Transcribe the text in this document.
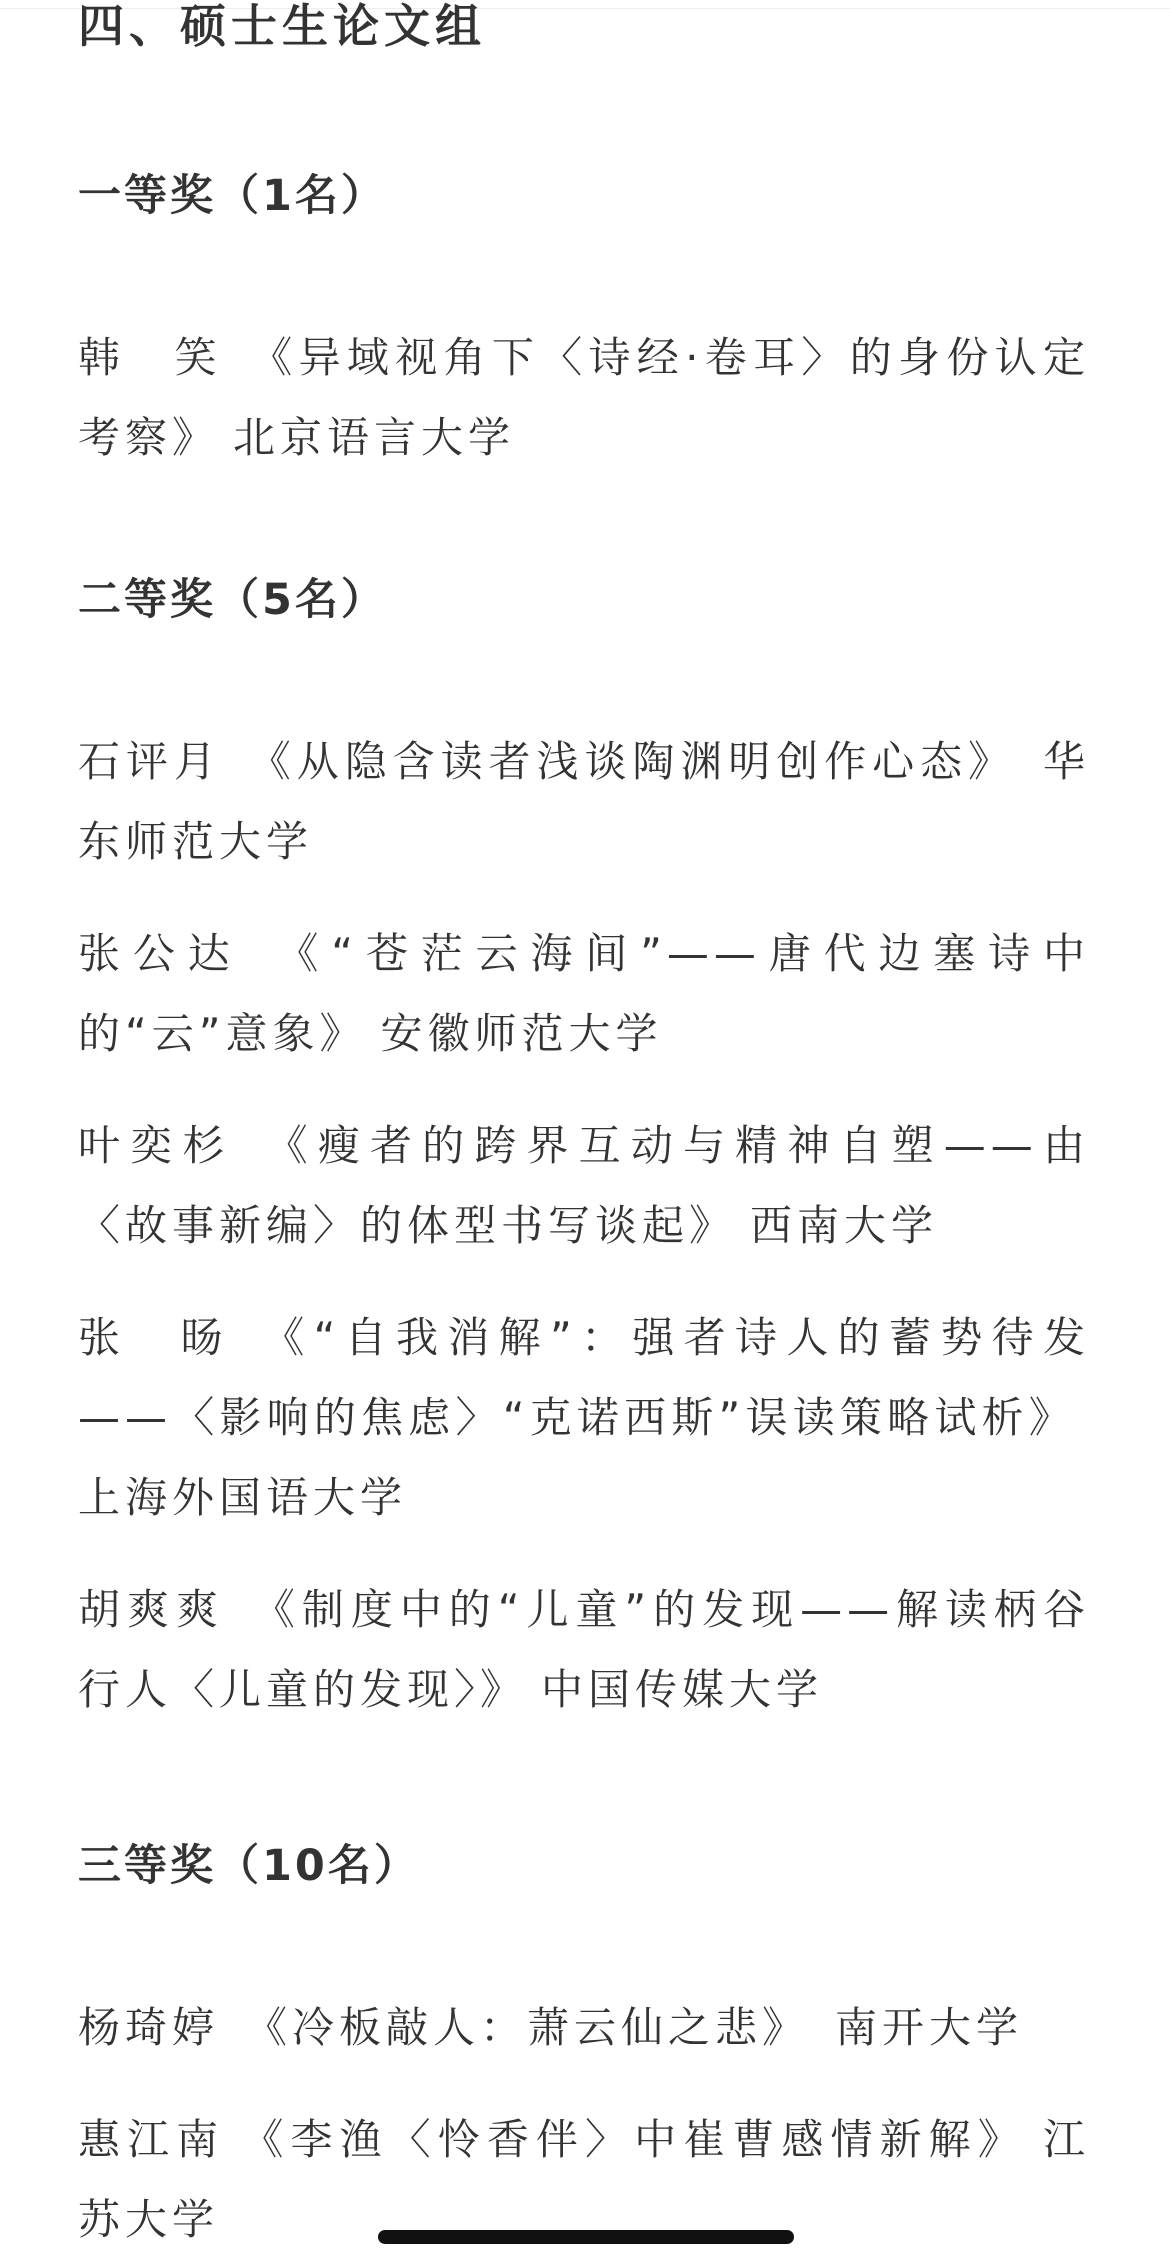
四、硕士生论文组
一等奖（1名）

韩　笑 《异域视角下〈诗经·卷耳〉的身份认定考察》 北京语言大学

二等奖（5名）

石评月 《从隐含读者浅谈陶渊明创作心态》 华东师范大学

张公达 《“苍茫云海间”——唐代边塞诗中的“云”意象》 安徽师范大学

叶奕杉 《瘦者的跨界互动与精神自塑——由〈故事新编〉的体型书写谈起》 西南大学

张　旸 《“自我消解”：强者诗人的蓄势待发——〈影响的焦虑〉“克诺西斯”误读策略试析》上海外国语大学

胡爽爽 《制度中的“儿童”的发现——解读柄谷行人〈儿童的发现〉》 中国传媒大学

三等奖（10名）

杨琦婷 《冷板敲人：萧云仙之悲》 南开大学

惠江南 《李渔〈怜香伴〉中崔曹感情新解》 江苏大学
